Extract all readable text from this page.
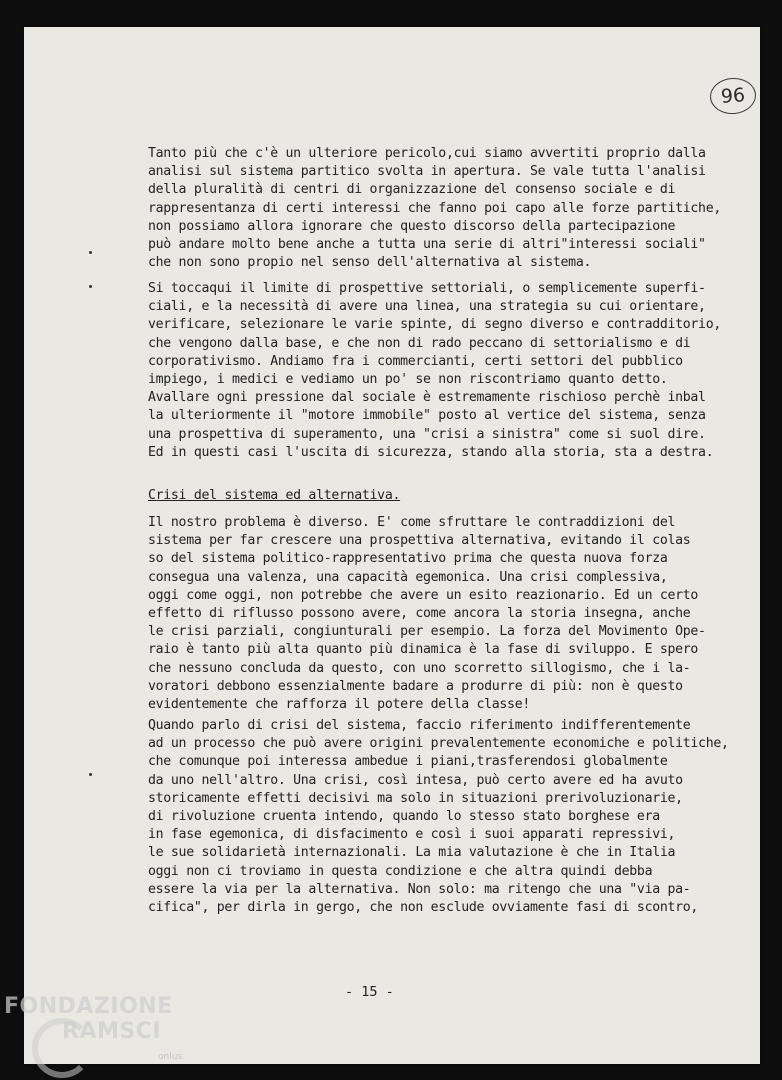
96
Tanto più che c'è un ulteriore pericolo,cui siamo avvertiti proprio dalla
analisi sul sistema partitico svolta in apertura. Se vale tutta l'analisi
della pluralità di centri di organizzazione del consenso sociale e di
rappresentanza di certi interessi che fanno poi capo alle forze partitiche,
non possiamo allora ignorare che questo discorso della partecipazione
può andare molto bene anche a tutta una serie di altri"interessi sociali"
che non sono propio nel senso dell'alternativa al sistema.
Si toccaqui il limite di prospettive settoriali, o semplicemente superfi-
ciali, e la necessità di avere una linea, una strategia su cui orientare,
verificare, selezionare le varie spinte, di segno diverso e contradditorio,
che vengono dalla base, e che non di rado peccano di settorialismo e di
corporativismo. Andiamo fra i commercianti, certi settori del pubblico
impiego, i medici e vediamo un po' se non riscontriamo quanto detto.
Avallare ogni pressione dal sociale è estremamente rischioso perchè inbal
la ulteriormente il "motore immobile" posto al vertice del sistema, senza
una prospettiva di superamento, una "crisi a sinistra" come si suol dire.
Ed in questi casi l'uscita di sicurezza, stando alla storia, sta a destra.
Crisi del sistema ed alternativa.
Il nostro problema è diverso. E' come sfruttare le contraddizioni del
sistema per far crescere una prospettiva alternativa, evitando il colas
so del sistema politico-rappresentativo prima che questa nuova forza
consegua una valenza, una capacità egemonica. Una crisi complessiva,
oggi come oggi, non potrebbe che avere un esito reazionario. Ed un certo
effetto di riflusso possono avere, come ancora la storia insegna, anche
le crisi parziali, congiunturali per esempio. La forza del Movimento Ope-
raio è tanto più alta quanto più dinamica è la fase di sviluppo. E spero
che nessuno concluda da questo, con uno scorretto sillogismo, che i la-
voratori debbono essenzialmente badare a produrre di più: non è questo
evidentemente che rafforza il potere della classe!
Quando parlo di crisi del sistema, faccio riferimento indifferentemente
ad un processo che può avere origini prevalentemente economiche e politiche,
che comunque poi interessa ambedue i piani,trasferendosi globalmente
da uno nell'altro. Una crisi, così intesa, può certo avere ed ha avuto
storicamente effetti decisivi ma solo in situazioni prerivoluzionarie,
di rivoluzione cruenta intendo, quando lo stesso stato borghese era
in fase egemonica, di disfacimento e così i suoi apparati repressivi,
le sue solidarietà internazionali. La mia valutazione è che in Italia
oggi non ci troviamo in questa condizione e che altra quindi debba
essere la via per la alternativa. Non solo: ma ritengo che una "via pa-
cifica", per dirla in gergo, che non esclude ovviamente fasi di scontro,
- 15 -
FONDAZIONE
RAMSCI
onlus
